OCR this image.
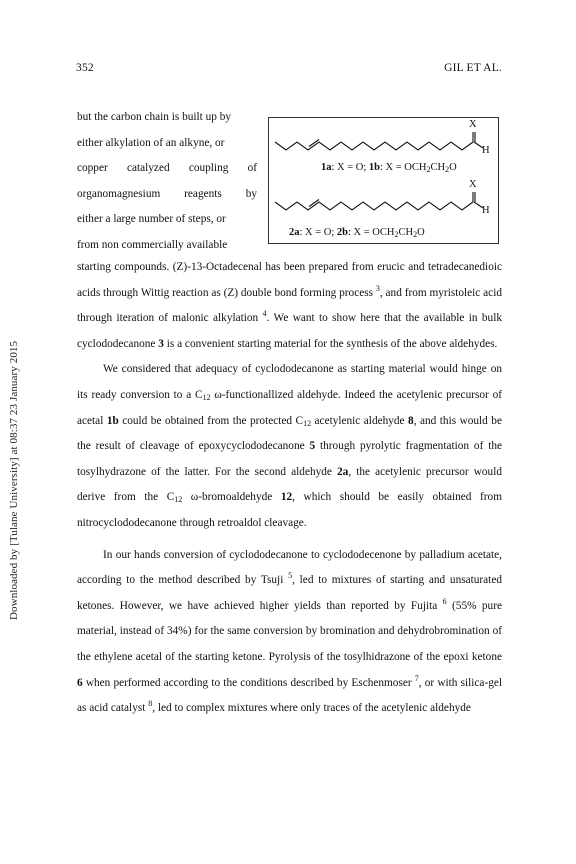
352	GIL ET AL.
Downloaded by [Tulane University] at 08:37 23 January 2015
but the carbon chain is built up by
either alkylation of an alkyne, or
copper catalyzed coupling of
organomagnesium reagents by
either a large number of steps, or
from non commercially available
X
H
1a: X = O; 1b: $X = OCH_2CH_2O$
X
H
2a: X = O; 2b: $X = OCH_2CH_2O$

starting compounds. (Z)-13-Octadecenal has been prepared from erucic and tetradecanedioic acids through Wittig reaction as (Z) double bond forming process $^3$, and from myristoleic acid through iteration of malonic alkylation $^4$. We want to show here that the available in bulk cyclododecanone 3 is a convenient starting material for the synthesis of the above aldehydes.

We considered that adequacy of cyclododecanone as starting material would hinge on its ready conversion to a $C_{12}$ ω-functionallized aldehyde. Indeed the acetylenic precursor of acetal 1b could be obtained from the protected $C_{12}$ acetylenic aldehyde 8, and this would be the result of cleavage of epoxycyclododecanone 5 through pyrolytic fragmentation of the tosylhydrazone of the latter. For the second aldehyde 2a, the acetylenic precursor would derive from the $C_{12}$ ω-bromoaldehyde 12, which should be easily obtained from nitrocyclododecanone through retroaldol cleavage.

In our hands conversion of cyclododecanone to cyclododecenone by palladium acetate, according to the method described by Tsuji $^5$, led to mixtures of starting and unsaturated ketones. However, we have achieved higher yields than reported by Fujita $^6$ (55% pure material, instead of 34%) for the same conversion by bromination and dehydrobromination of the ethylene acetal of the starting ketone. Pyrolysis of the tosylhidrazone of the epoxi ketone 6 when performed according to the conditions described by Eschenmoser $^7$, or with silica-gel as acid catalyst $^8$, led to complex mixtures where only traces of the acetylenic aldehyde
